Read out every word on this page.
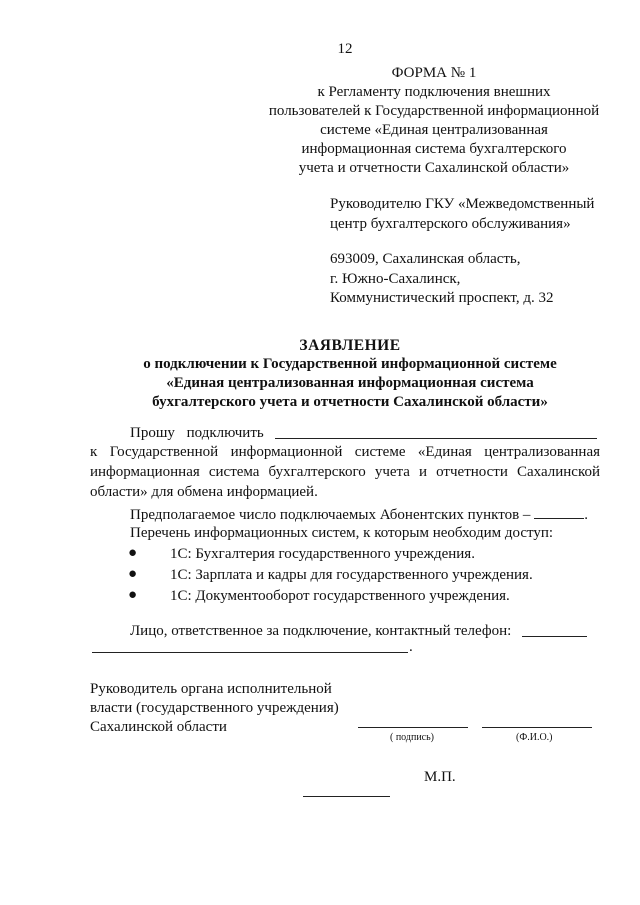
12
ФОРМА № 1
к Регламенту подключения внешних
пользователей к Государственной информационной
системе «Единая централизованная
информационная система бухгалтерского
учета и отчетности Сахалинской области»
Руководителю ГКУ «Межведомственный
центр бухгалтерского обслуживания»
693009, Сахалинская область,
г. Южно-Сахалинск,
Коммунистический проспект, д. 32
ЗАЯВЛЕНИЕ
о подключении к Государственной информационной системе
«Единая централизованная информационная система
бухгалтерского учета и отчетности Сахалинской области»
Прошу подключить
к Государственной информационной системе «Единая централизованная
информационная система бухгалтерского учета и отчетности Сахалинской
области» для обмена информацией.
Предполагаемое число подключаемых Абонентских пунктов –	.
Перечень информационных систем, к которым необходим доступ:
● 1С: Бухгалтерия государственного учреждения.
● 1С: Зарплата и кадры для государственного учреждения.
● 1С: Документооборот государственного учреждения.
Лицо, ответственное за подключение, контактный телефон:
.
Руководитель органа исполнительной
власти (государственного учреждения)
Сахалинской области
( подпись)	(Ф.И.О.)
М.П.
